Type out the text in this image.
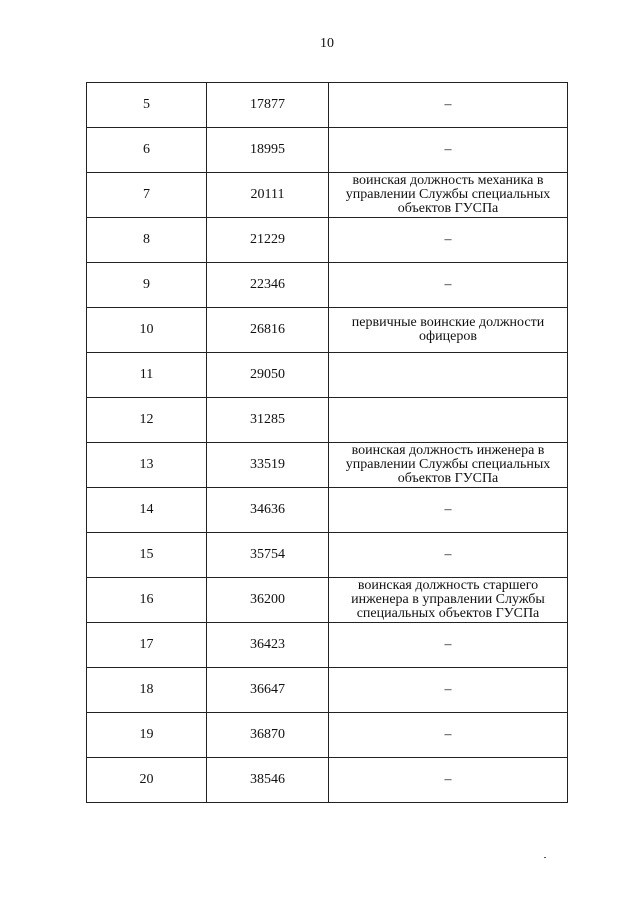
10
5	17877	–
6	18995	–
7	20111	воинская должность механика в управлении Службы специальных объектов ГУСПа
8	21229	–
9	22346	–
10	26816	первичные воинские должности офицеров
11	29050	
12	31285	
13	33519	воинская должность инженера в управлении Службы специальных объектов ГУСПа
14	34636	–
15	35754	–
16	36200	воинская должность старшего инженера в управлении Службы специальных объектов ГУСПа
17	36423	–
18	36647	–
19	36870	–
20	38546	–
